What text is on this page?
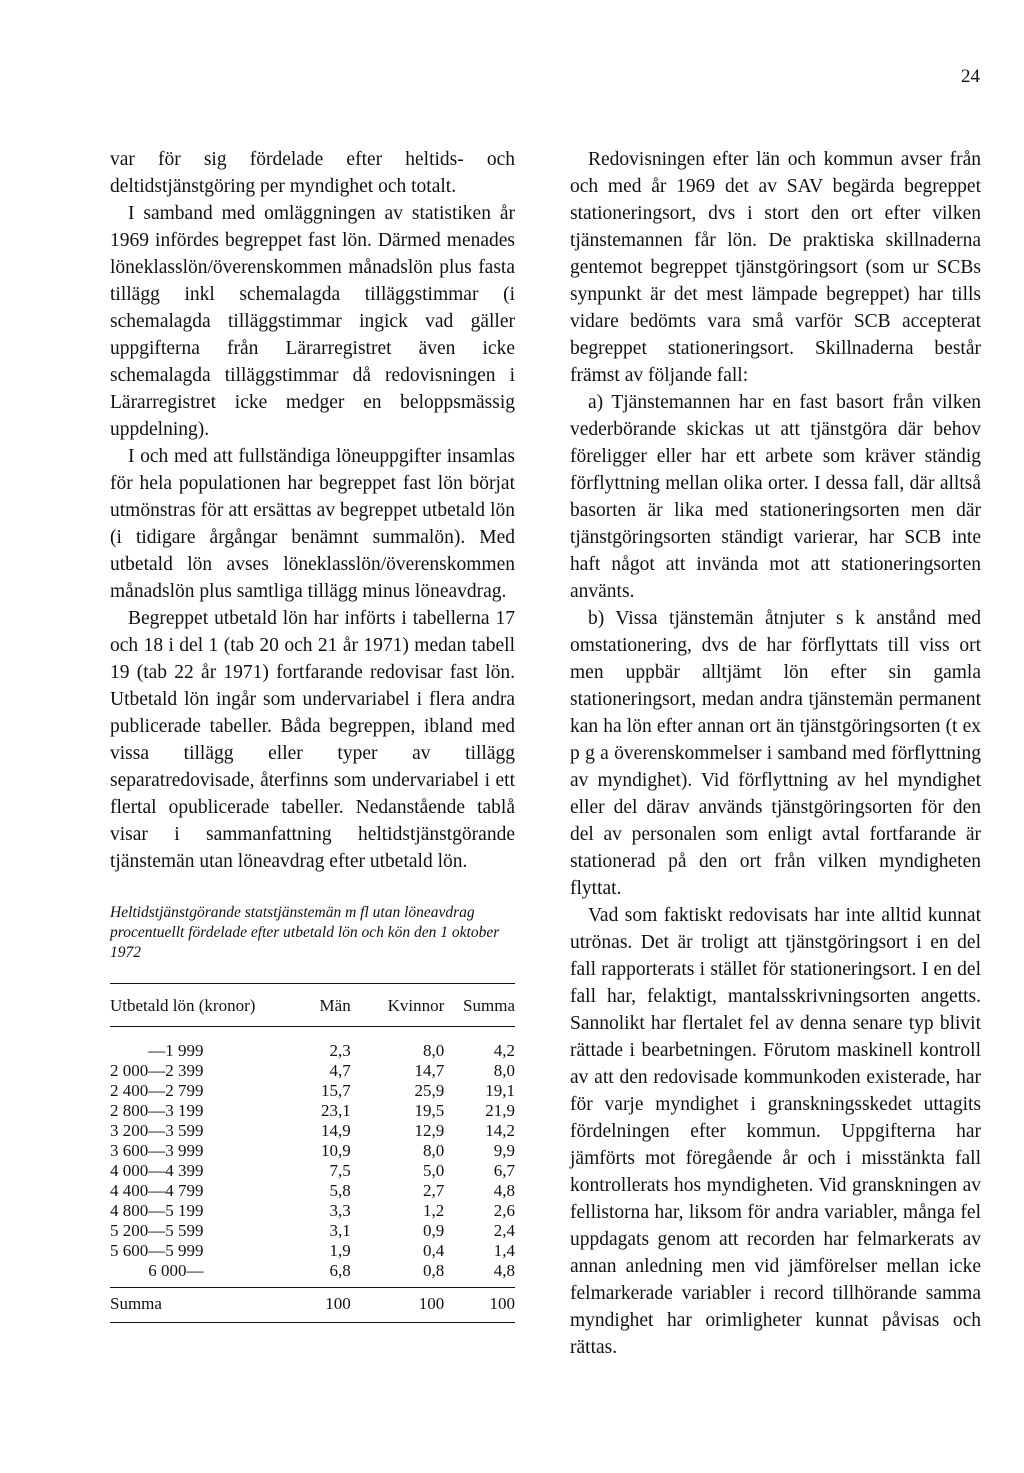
24

var för sig fördelade efter heltids- och deltidstjänstgöring per myndighet och totalt.

I samband med omläggningen av statistiken år 1969 infördes begreppet fast lön. Därmed menades löneklasslön/överenskommen månadslön plus fasta tillägg inkl schemalagda tilläggstimmar (i schemalagda tilläggstimmar ingick vad gäller uppgifterna från Lärarregistret även icke schemalagda tilläggstimmar då redovisningen i Lärarregistret icke medger en beloppsmässig uppdelning).

I och med att fullständiga löneuppgifter insamlas för hela populationen har begreppet fast lön börjat utmönstras för att ersättas av begreppet utbetald lön (i tidigare årgångar benämnt summalön). Med utbetald lön avses löneklasslön/överenskommen månadslön plus samtliga tillägg minus löneavdrag.

Begreppet utbetald lön har införts i tabellerna 17 och 18 i del 1 (tab 20 och 21 år 1971) medan tabell 19 (tab 22 år 1971) fortfarande redovisar fast lön. Utbetald lön ingår som undervariabel i flera andra publicerade tabeller. Båda begreppen, ibland med vissa tillägg eller typer av tillägg separatredovisade, återfinns som undervariabel i ett flertal opublicerade tabeller. Nedanstående tablå visar i sammanfattning heltidstjänstgörande tjänstemän utan löneavdrag efter utbetald lön.

Heltidstjänstgörande statstjänstemän m fl utan löneavdrag procentuellt fördelade efter utbetald lön och kön den 1 oktober 1972
Utbetald lön (kronor)	Män	Kvinnor	Summa
—1 999	2,3	8,0	4,2
2 000—2 399	4,7	14,7	8,0
2 400—2 799	15,7	25,9	19,1
2 800—3 199	23,1	19,5	21,9
3 200—3 599	14,9	12,9	14,2
3 600—3 999	10,9	8,0	9,9
4 000—4 399	7,5	5,0	6,7
4 400—4 799	5,8	2,7	4,8
4 800—5 199	3,3	1,2	2,6
5 200—5 599	3,1	0,9	2,4
5 600—5 999	1,9	0,4	1,4
6 000—	6,8	0,8	4,8
Summa	100	100	100

Redovisningen efter län och kommun avser från och med år 1969 det av SAV begärda begreppet stationeringsort, dvs i stort den ort efter vilken tjänstemannen får lön. De praktiska skillnaderna gentemot begreppet tjänstgöringsort (som ur SCBs synpunkt är det mest lämpade begreppet) har tills vidare bedömts vara små varför SCB accepterat begreppet stationeringsort. Skillnaderna består främst av följande fall:

a) Tjänstemannen har en fast basort från vilken vederbörande skickas ut att tjänstgöra där behov föreligger eller har ett arbete som kräver ständig förflyttning mellan olika orter. I dessa fall, där alltså basorten är lika med stationeringsorten men där tjänstgöringsorten ständigt varierar, har SCB inte haft något att invända mot att stationeringsorten använts.

b) Vissa tjänstemän åtnjuter s k anstånd med omstationering, dvs de har förflyttats till viss ort men uppbär alltjämt lön efter sin gamla stationeringsort, medan andra tjänstemän permanent kan ha lön efter annan ort än tjänstgöringsorten (t ex p g a överenskommelser i samband med förflyttning av myndighet). Vid förflyttning av hel myndighet eller del därav används tjänstgöringsorten för den del av personalen som enligt avtal fortfarande är stationerad på den ort från vilken myndigheten flyttat.

Vad som faktiskt redovisats har inte alltid kunnat utrönas. Det är troligt att tjänstgöringsort i en del fall rapporterats i stället för stationeringsort. I en del fall har, felaktigt, mantalsskrivningsorten angetts. Sannolikt har flertalet fel av denna senare typ blivit rättade i bearbetningen. Förutom maskinell kontroll av att den redovisade kommunkoden existerade, har för varje myndighet i granskningsskedet uttagits fördelningen efter kommun. Uppgifterna har jämförts mot föregående år och i misstänkta fall kontrollerats hos myndigheten. Vid granskningen av fellistorna har, liksom för andra variabler, många fel uppdagats genom att recorden har felmarkerats av annan anledning men vid jämförelser mellan icke felmarkerade variabler i record tillhörande samma myndighet har orimligheter kunnat påvisas och rättas.
